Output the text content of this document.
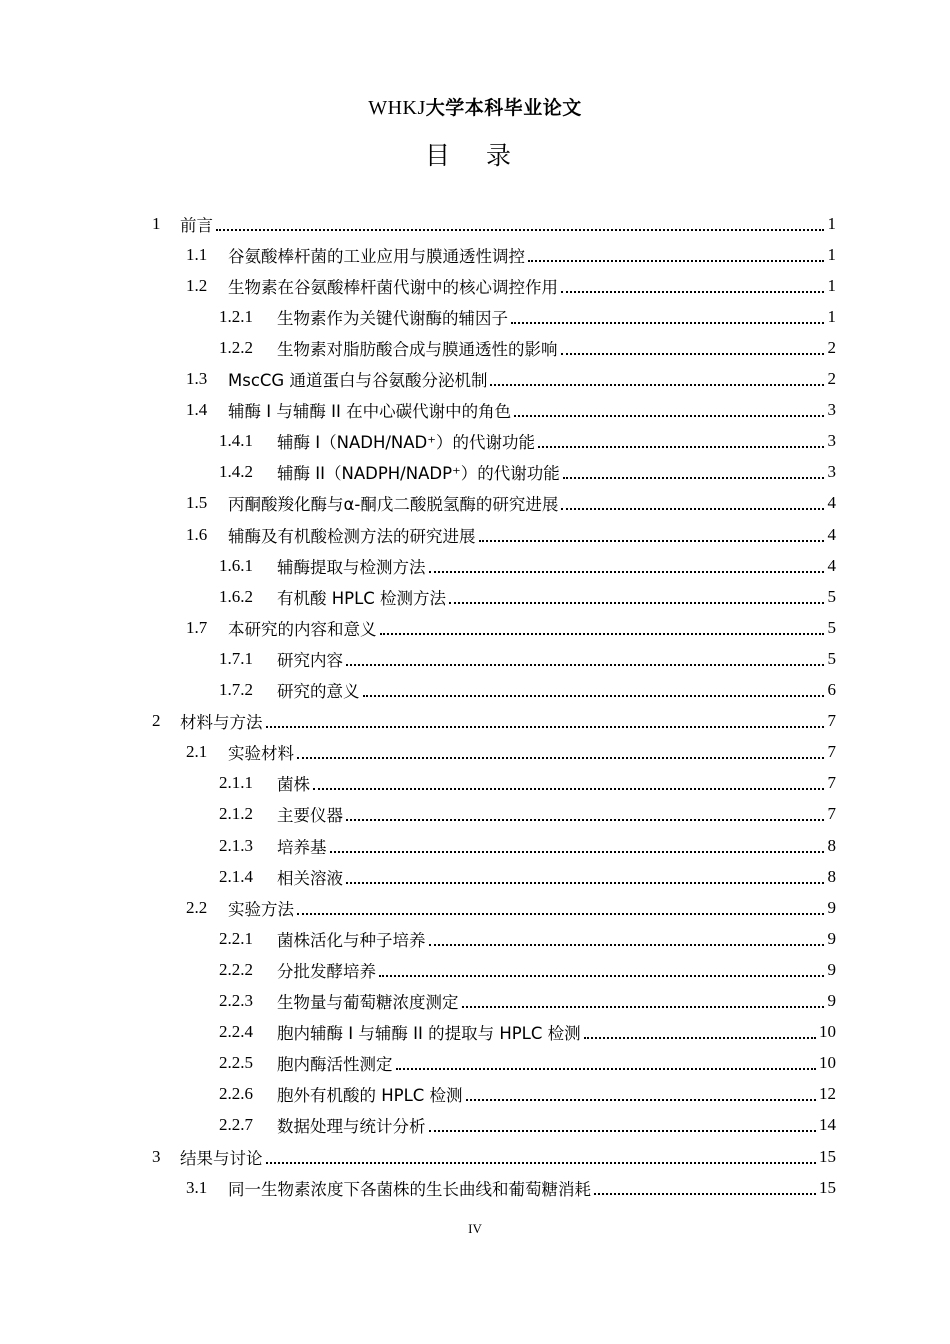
WHKJ大学本科毕业论文
目 录
1	前言	1
1.1	谷氨酸棒杆菌的工业应用与膜通透性调控	1
1.2	生物素在谷氨酸棒杆菌代谢中的核心调控作用	1
1.2.1	生物素作为关键代谢酶的辅因子	1
1.2.2	生物素对脂肪酸合成与膜通透性的影响	2
1.3	MscCG 通道蛋白与谷氨酸分泌机制	2
1.4	辅酶 I 与辅酶 II 在中心碳代谢中的角色	3
1.4.1	辅酶 I（NADH/NAD⁺）的代谢功能	3
1.4.2	辅酶 II（NADPH/NADP⁺）的代谢功能	3
1.5	丙酮酸羧化酶与α-酮戊二酸脱氢酶的研究进展	4
1.6	辅酶及有机酸检测方法的研究进展	4
1.6.1	辅酶提取与检测方法	4
1.6.2	有机酸 HPLC 检测方法	5
1.7	本研究的内容和意义	5
1.7.1	研究内容	5
1.7.2	研究的意义	6
2	材料与方法	7
2.1	实验材料	7
2.1.1	菌株	7
2.1.2	主要仪器	7
2.1.3	培养基	8
2.1.4	相关溶液	8
2.2	实验方法	9
2.2.1	菌株活化与种子培养	9
2.2.2	分批发酵培养	9
2.2.3	生物量与葡萄糖浓度测定	9
2.2.4	胞内辅酶 I 与辅酶 II 的提取与 HPLC 检测	10
2.2.5	胞内酶活性测定	10
2.2.6	胞外有机酸的 HPLC 检测	12
2.2.7	数据处理与统计分析	14
3	结果与讨论	15
3.1	同一生物素浓度下各菌株的生长曲线和葡萄糖消耗	15
IV
